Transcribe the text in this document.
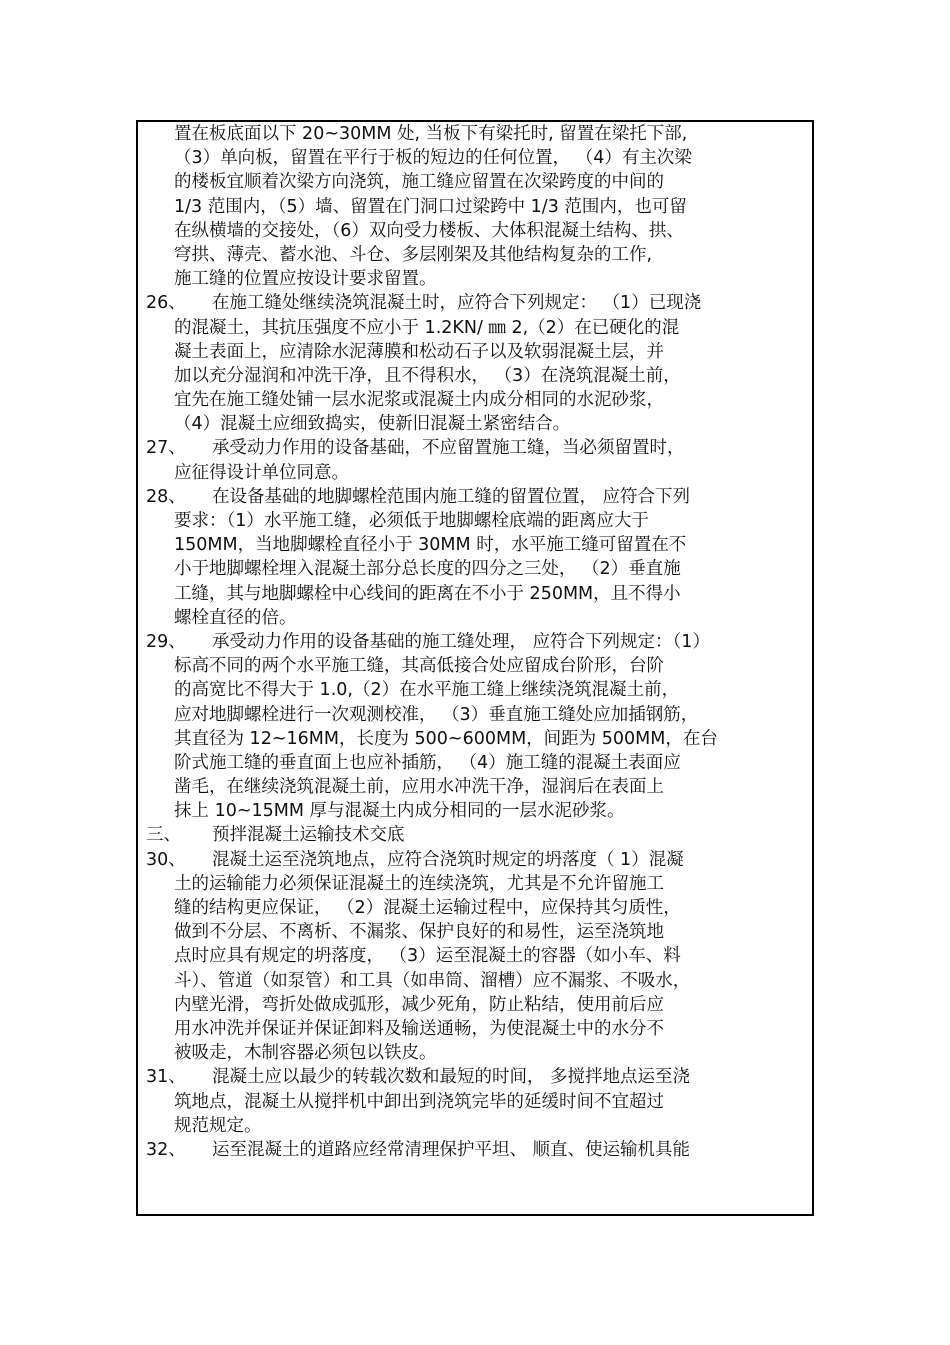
置在板底面以下 20~30MM 处, 当板下有梁托时, 留置在梁托下部,
（3）单向板，留置在平行于板的短边的任何位置， （4）有主次梁
的楼板宜顺着次梁方向浇筑，施工缝应留置在次梁跨度的中间的
1/3 范围内，（5）墙、留置在门洞口过梁跨中 1/3 范围内，也可留
在纵横墙的交接处，（6）双向受力楼板、大体积混凝土结构、拱、
穹拱、薄壳、蓄水池、斗仓、多层刚架及其他结构复杂的工作,
施工缝的位置应按设计要求留置。
26、 在施工缝处继续浇筑混凝土时，应符合下列规定： （1）已现浇
的混凝土，其抗压强度不应小于 1.2KN/ ㎜ 2,（2）在已硬化的混
凝土表面上，应清除水泥薄膜和松动石子以及软弱混凝土层，并
加以充分湿润和冲洗干净，且不得积水， （3）在浇筑混凝土前，
宜先在施工缝处铺一层水泥浆或混凝土内成分相同的水泥砂浆，
（4）混凝土应细致捣实，使新旧混凝土紧密结合。
27、 承受动力作用的设备基础，不应留置施工缝，当必须留置时，
应征得设计单位同意。
28、 在设备基础的地脚螺栓范围内施工缝的留置位置， 应符合下列
要求：（1）水平施工缝，必须低于地脚螺栓底端的距离应大于
150MM，当地脚螺栓直径小于 30MM 时，水平施工缝可留置在不
小于地脚螺栓埋入混凝土部分总长度的四分之三处， （2）垂直施
工缝，其与地脚螺栓中心线间的距离在不小于 250MM，且不得小
螺栓直径的倍。
29、 承受动力作用的设备基础的施工缝处理， 应符合下列规定：（1）
标高不同的两个水平施工缝，其高低接合处应留成台阶形，台阶
的高宽比不得大于 1.0,（2）在水平施工缝上继续浇筑混凝土前，
应对地脚螺栓进行一次观测校准， （3）垂直施工缝处应加插钢筋，
其直径为 12~16MM，长度为 500~600MM，间距为 500MM，在台
阶式施工缝的垂直面上也应补插筋， （4）施工缝的混凝土表面应
凿毛，在继续浇筑混凝土前，应用水冲洗干净，湿润后在表面上
抹上 10~15MM 厚与混凝土内成分相同的一层水泥砂浆。
三、 预拌混凝土运输技术交底
30、 混凝土运至浇筑地点，应符合浇筑时规定的坍落度（ 1）混凝
土的运输能力必须保证混凝土的连续浇筑，尤其是不允许留施工
缝的结构更应保证， （2）混凝土运输过程中，应保持其匀质性，
做到不分层、不离析、不漏浆、保护良好的和易性，运至浇筑地
点时应具有规定的坍落度， （3）运至混凝土的容器（如小车、料
斗）、管道（如泵管）和工具（如串筒、溜槽）应不漏浆、不吸水，
内壁光滑，弯折处做成弧形，减少死角，防止粘结，使用前后应
用水冲洗并保证并保证卸料及输送通畅，为使混凝土中的水分不
被吸走，木制容器必须包以铁皮。
31、 混凝土应以最少的转载次数和最短的时间， 多搅拌地点运至浇
筑地点，混凝土从搅拌机中卸出到浇筑完毕的延缓时间不宜超过
规范规定。
32、 运至混凝土的道路应经常清理保护平坦、 顺直、使运输机具能
